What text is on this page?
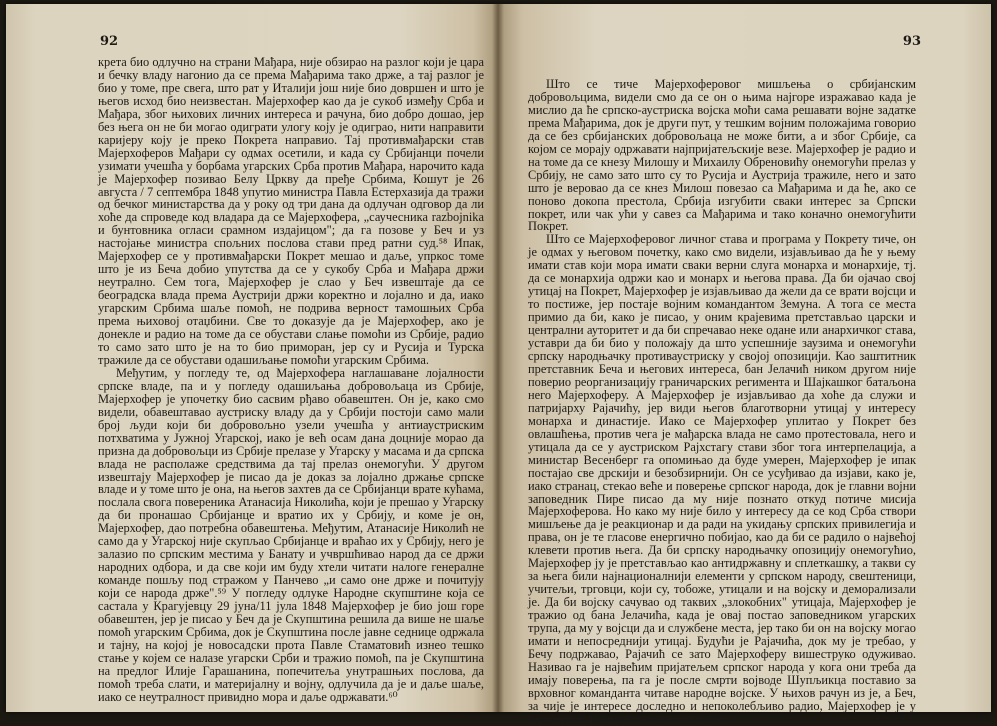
92

крета био одлучно на страни Мађара, није обзирао на разлог који је цара и бечку владу нагонио да се према Мађарима тако држе, а тај разлог је био у томе, пре свега, што рат у Италији још није био довршен и што је његов исход био неизвестан. Мајерхофер као да је сукоб између Срба и Мађара, због њихових личних интереса и рачуна, био добро дошао, јер без њега он не би могао одиграти улогу коју је одиграо, нити направити каријеру коју је преко Покрета направио. Тај противмађарски став Мајерхоферов Мађари су одмах осетили, и када су Србијанци почели узимати учешћа у борбама угарских Срба против Мађара, нарочито када је Мајерхофер позивао Белу Цркву да пређе Србима, Кошут је 26 августа / 7 септембра 1848 упутио министра Павла Естерхазија да тражи од бечког министарства да у року од три дана да одлучан одговор да ли хоће да спроведе код владара да се Мајерхофера, „саучесника razbojnika и бунтовника огласи срамном издајицом"; да га позове у Беч и уз настојање министра спољних послова стави пред ратни суд.⁵⁸ Ипак, Мајерхофер се у противмађарски Покрет мешао и даље, упркос томе што је из Беча добио упутства да се у сукобу Срба и Мађара држи неутрално. Сем тога, Мајерхофер је слао у Беч извештаје да се београдска влада према Аустрији држи коректно и лојално и да, иако угарским Србима шаље помоћ, не подрива верност тамошњих Срба према њиховој отаџбини. Све то доказује да је Мајерхофер, ако је донекле и радио на томе да се обустави слање помоћи из Србије, радио то само зато што је на то био приморан, јер су и Русија и Турска тражиле да се обустави одашиљање помоћи угарским Србима.

Међутим, у погледу те, од Мајерхофера наглашаване лојалности српске владе, па и у погледу одашиљања добровољаца из Србије, Мајерхофер је упочетку био сасвим рђаво обавештен. Он је, како смо видели, обавештавао аустриску владу да у Србији постоји само мали број људи који би добровољно узели учешћа у антиаустриским потхватима у Јужној Угарској, иако је већ осам дана доцније морао да призна да добровољци из Србије прелазе у Угарску у масама и да српска влада не располаже средствима да тај прелаз онемогући. У другом извештају Мајерхофер је писао да је доказ за лојално држање српске владе и у томе што је она, на његов захтев да се Србијанци врате кућама, послала свога повереника Атанасија Николића, који је прешао у Угарску да би пронашао Србијанце и вратио их у Србију, и коме је он, Мајерхофер, дао потребна обавештења. Међутим, Атанасије Николић не само да у Угарској није скупљао Србијанце и враћао их у Србију, него је залазио по српским местима у Банату и учвршћивао народ да се држи народних одбора, и да све који им буду хтели читати налоге генералне команде пошљу под стражом у Панчево „и само оне држе и почитују који се народа држе".⁵⁹ У погледу одлуке Народне скупштине која се састала у Крагујевцу 29 јуна/11 јула 1848 Мајерхофер је био још горе обавештен, јер је писао у Беч да је Скупштина решила да више не шаље помоћ угарским Србима, док је Скупштина после јавне седнице одржала и тајну, на којој је новосадски прота Павле Стаматовић изнео тешко стање у којем се налазе угарски Срби и тражио помоћ, па је Скупштина на предлог Илије Гарашанина, попечитеља унутрашњих послова, да помоћ треба слати, и материјалну и војну, одлучила да је и даље шаље, иако се неутралност привидно мора и даље одржавати.⁶⁰

93

Што се тиче Мајерхоферовог мишљења о србијанским добровољцима, видели смо да се он о њима најгоре изражавао када је мислио да ће српско-аустриска војска моћи сама решавати војне задатке према Мађарима, док је други пут, у тешким војним положајима говорио да се без србијанских добровољаца не може бити, а и због Србије, са којом се морају одржавати најпријатељскије везе. Мајерхофер је радио и на томе да се кнезу Милошу и Михаилу Обреновићу онемогући прелаз у Србију, не само зато што су то Русија и Аустрија тражиле, него и зато што је веровао да се кнез Милош повезао са Мађарима и да ће, ако се поново докопа престола, Србија изгубити сваки интерес за Српски покрет, или чак ући у савез са Мађарима и тако коначно онемогућити Покрет.

Што се Мајерхоферовог личног става и програма у Покрету тиче, он је одмах у његовом почетку, како смо видели, изјављивао да ће у њему имати став који мора имати сваки верни слуга монарха и монархије, тј. да се монархија одржи као и монарх и његова права. Да би ојачао свој утицај на Покрет, Мајерхофер је изјављивао да жели да се врати војсци и то постиже, јер постаје војним командантом Земуна. А тога се места примио да би, како је писао, у оним крајевима претстављао царски и централни ауторитет и да би спречавао неке одане или анархичког става, уставри да би био у положају да што успешније заузима и онемогући српску народњачку противаустриску у својој опозицији. Као заштитник претставник Беча и његових интереса, бан Јелачић ником другом није поверио реорганизацију граничарских регимента и Шајкашког батаљона него Мајерхоферу. А Мајерхофер је изјављивао да хоће да служи и патријарху Рајачићу, јер види његов благотворни утицај у интересу монарха и династије. Иако се Мајерхофер уплитао у Покрет без овлашћења, против чега је мађарска влада не само протестовала, него и утицала да се у аустриском Рајхстагу стави због тога интерпелација, а министар Весенберг га опомињао да буде умерен, Мајерхофер је ипак постајао све дрскији и безобзирнији. Он се усуђивао да изјави, како је, иако странац, стекао веће и поверење српског народа, док је главни војни заповедник Пире писао да му није познато откуд потиче мисија Мајерхоферова. Но како му није било у интересу да се код Срба створи мишљење да је реакционар и да ради на укидању српских привилегија и права, он је те гласове енергично побијао, као да би се радило о највећој клевети против њега. Да би српску народњачку опозицију онемогућио, Мајерхофер ју је претстављао као антидржавну и сплеткашку, а такви су за њега били најнационалнији елементи у српском народу, свештеници, учитељи, трговци, који су, тобоже, утицали и на војску и деморализали је. Да би војску сачувао од таквих „злокобних" утицаја, Мајерхофер је тражио од бана Јелачића, када је овај постао заповедником угарских трупа, да му у војсци да и службене места, јер тако би он на војску могао имати и непосреднији утицај. Будући је Рајачића, док му је требао, у Бечу подржавао, Рајачић се зато Мајерхоферу вишеструко одуживао. Називао га је највећим пријатељем српског народа у кога они треба да имају поверења, па га је после смрти војводе Шупљикца поставио за врховног команданта читаве народне војске. У њихов рачун из је, а Беч, за чије је интересе доследно и непоколебљиво радио, Мајерхофер је у каријери и даље напредовао и постао
